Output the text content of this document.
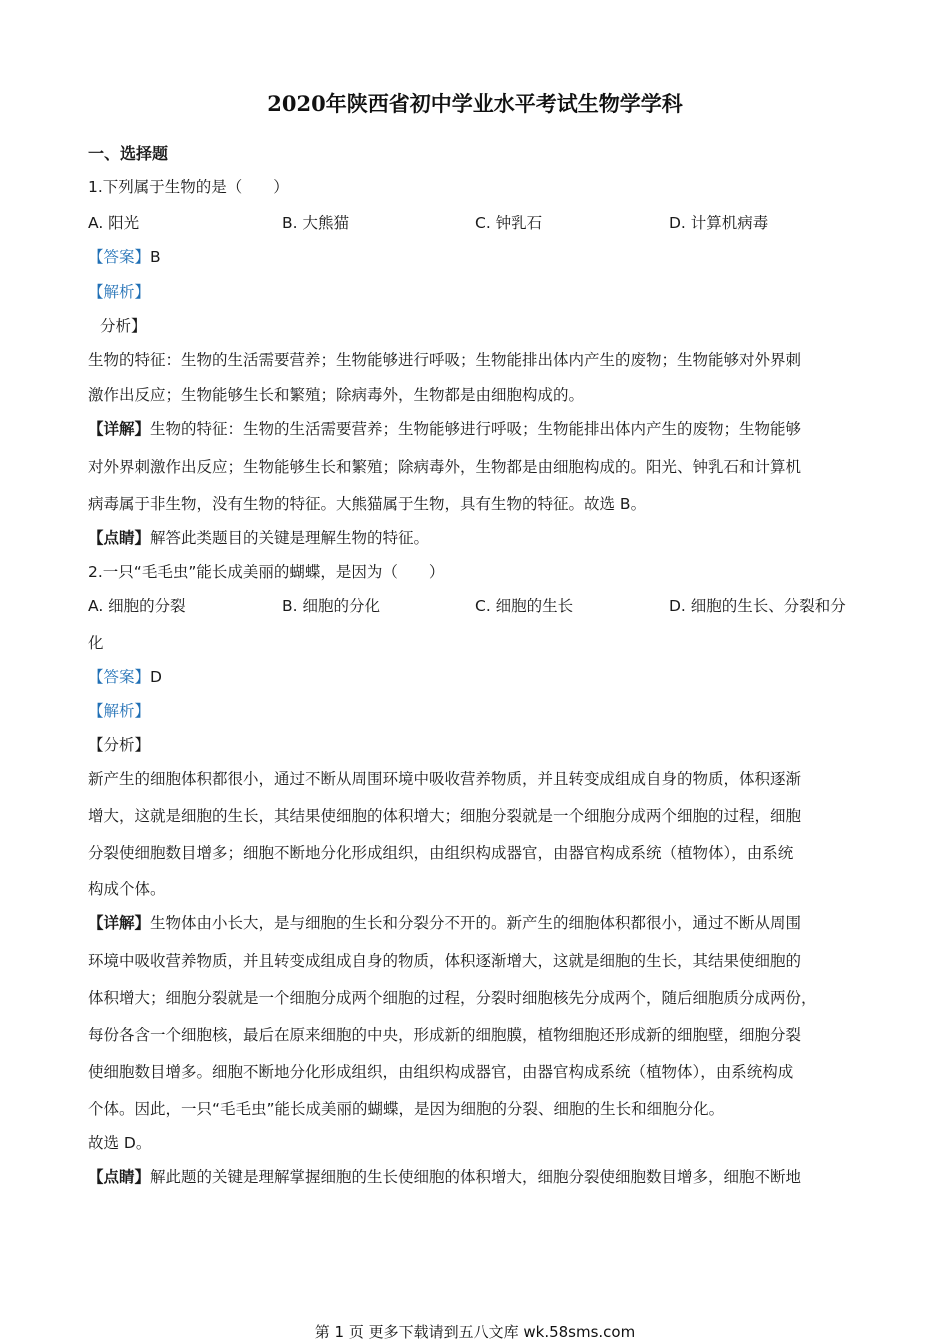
2020年陕西省初中学业水平考试生物学学科
一、选择题
1.下列属于生物的是（　　）
A. 阳光	B. 大熊猫	C. 钟乳石	D. 计算机病毒
【答案】B
【解析】
分析】
生物的特征：生物的生活需要营养；生物能够进行呼吸；生物能排出体内产生的废物；生物能够对外界刺
激作出反应；生物能够生长和繁殖；除病毒外，生物都是由细胞构成的。
【详解】生物的特征：生物的生活需要营养；生物能够进行呼吸；生物能排出体内产生的废物；生物能够
对外界刺激作出反应；生物能够生长和繁殖；除病毒外，生物都是由细胞构成的。阳光、钟乳石和计算机
病毒属于非生物，没有生物的特征。大熊猫属于生物，具有生物的特征。故选 B。
【点睛】解答此类题目的关键是理解生物的特征。
2.一只“毛毛虫”能长成美丽的蝴蝶，是因为（　　）
A. 细胞的分裂	B. 细胞的分化	C. 细胞的生长	D. 细胞的生长、分裂和分
化
【答案】D
【解析】
【分析】
新产生的细胞体积都很小，通过不断从周围环境中吸收营养物质，并且转变成组成自身的物质，体积逐渐
增大，这就是细胞的生长，其结果使细胞的体积增大；细胞分裂就是一个细胞分成两个细胞的过程，细胞
分裂使细胞数目增多；细胞不断地分化形成组织，由组织构成器官，由器官构成系统（植物体），由系统
构成个体。
【详解】生物体由小长大，是与细胞的生长和分裂分不开的。新产生的细胞体积都很小，通过不断从周围
环境中吸收营养物质，并且转变成组成自身的物质，体积逐渐增大，这就是细胞的生长，其结果使细胞的
体积增大；细胞分裂就是一个细胞分成两个细胞的过程，分裂时细胞核先分成两个，随后细胞质分成两份，
每份各含一个细胞核，最后在原来细胞的中央，形成新的细胞膜，植物细胞还形成新的细胞壁，细胞分裂
使细胞数目增多。细胞不断地分化形成组织，由组织构成器官，由器官构成系统（植物体），由系统构成
个体。因此，一只“毛毛虫”能长成美丽的蝴蝶，是因为细胞的分裂、细胞的生长和细胞分化。
故选 D。
【点睛】解此题的关键是理解掌握细胞的生长使细胞的体积增大，细胞分裂使细胞数目增多，细胞不断地
第 1 页 更多下载请到五八文库 wk.58sms.com
